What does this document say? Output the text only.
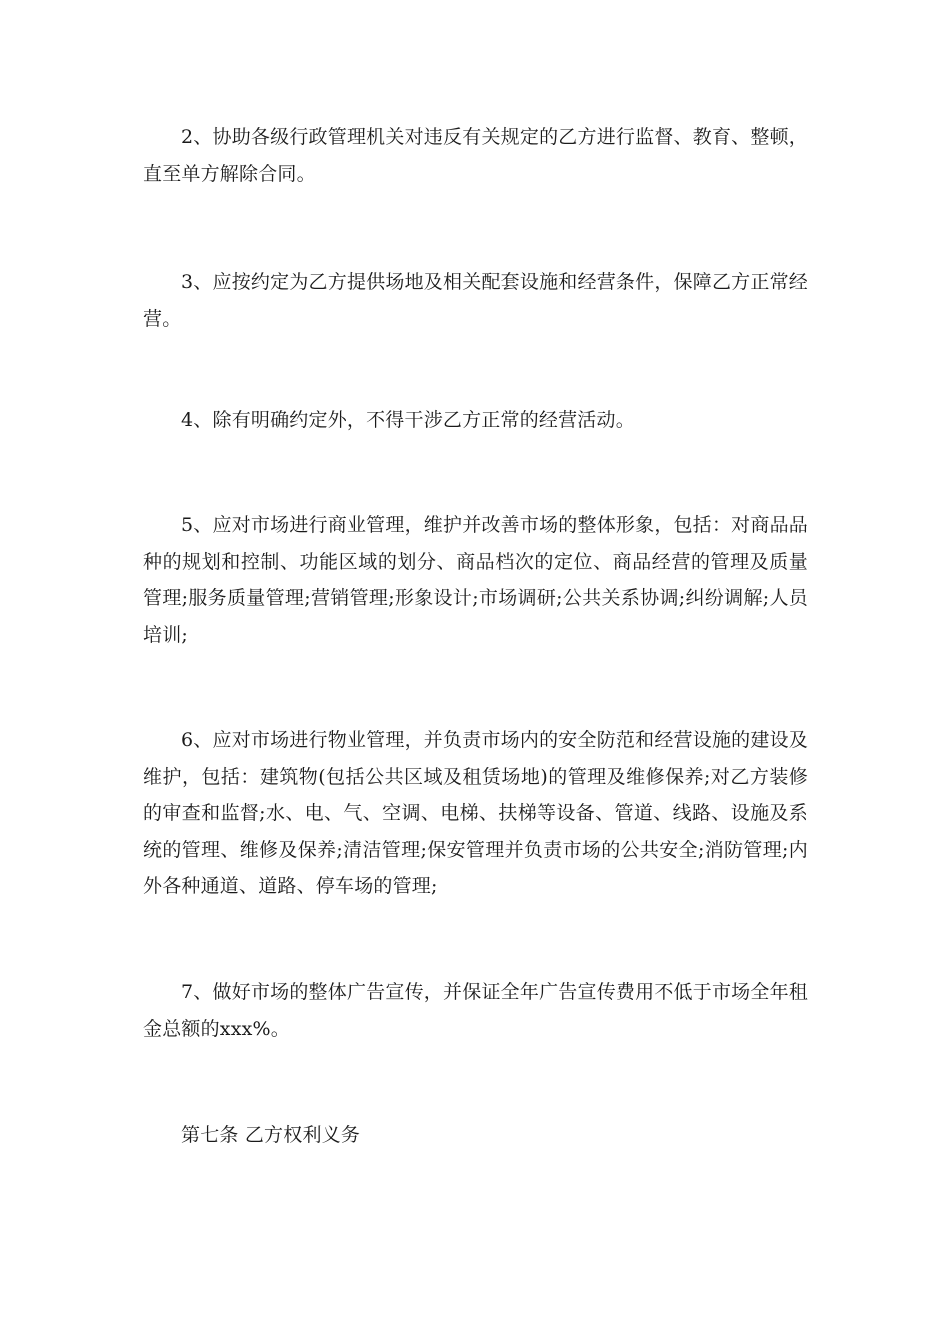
2、协助各级行政管理机关对违反有关规定的乙方进行监督、教育、整顿，直至单方解除合同。

3、应按约定为乙方提供场地及相关配套设施和经营条件，保障乙方正常经营。

4、除有明确约定外，不得干涉乙方正常的经营活动。

5、应对市场进行商业管理，维护并改善市场的整体形象，包括：对商品品种的规划和控制、功能区域的划分、商品档次的定位、商品经营的管理及质量管理;服务质量管理;营销管理;形象设计;市场调研;公共关系协调;纠纷调解;人员培训;

6、应对市场进行物业管理，并负责市场内的安全防范和经营设施的建设及维护，包括：建筑物(包括公共区域及租赁场地)的管理及维修保养;对乙方装修的审查和监督;水、电、气、空调、电梯、扶梯等设备、管道、线路、设施及系统的管理、维修及保养;清洁管理;保安管理并负责市场的公共安全;消防管理;内外各种通道、道路、停车场的管理;

7、做好市场的整体广告宣传，并保证全年广告宣传费用不低于市场全年租金总额的xxx%。

第七条 乙方权利义务
